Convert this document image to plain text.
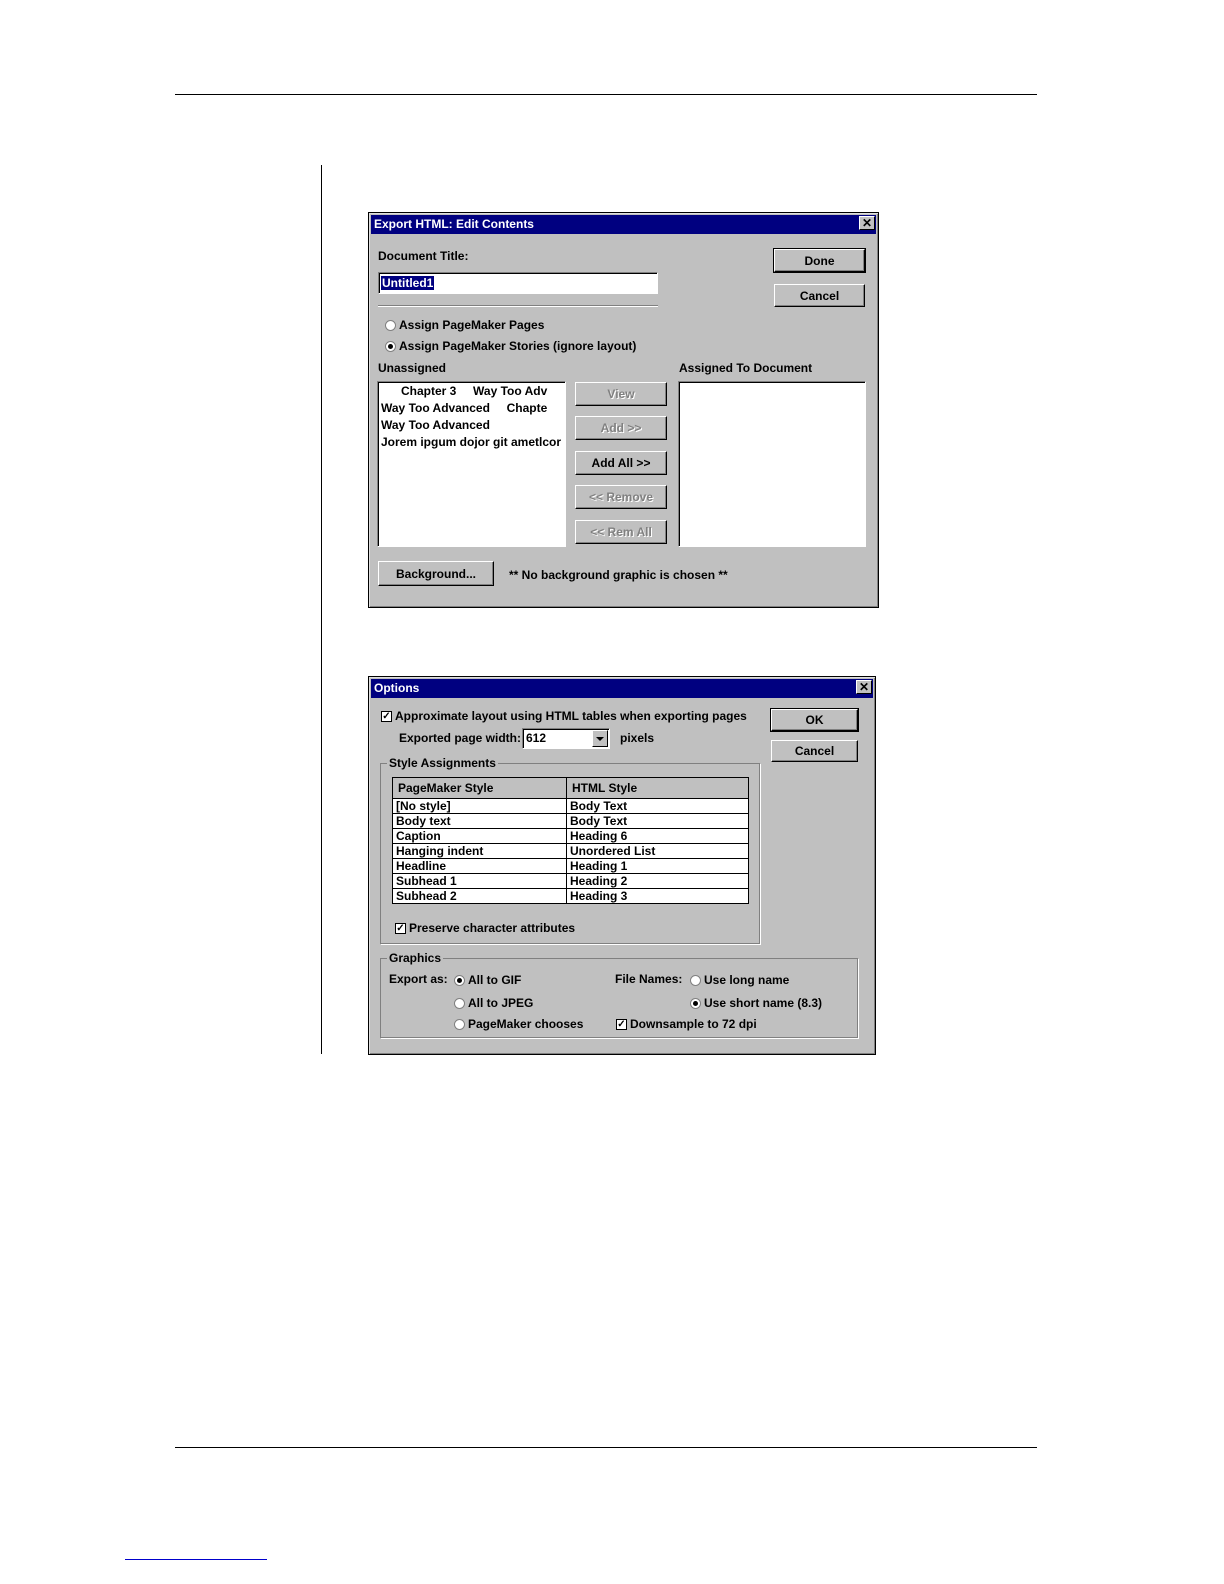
Export HTML: Edit Contents	✕
Document Title:
Untitled1
Done
Cancel
Assign PageMaker Pages
Assign PageMaker Stories (ignore layout)
Unassigned	Assigned To Document
Chapter 3     Way Too Adv
Way Too Advanced     Chapte
Way Too Advanced
Jorem ipgum dojor git ametlcor
View
Add >>
Add All >>
<< Remove
<< Rem All
Background...	** No background graphic is chosen **
Options	✕
✓ Approximate layout using HTML tables when exporting pages
Exported page width: 612	pixels
OK
Cancel
Style Assignments
PageMaker Style	HTML Style
[No style]	Body Text
Body text	Body Text
Caption	Heading 6
Hanging indent	Unordered List
Headline	Heading 1
Subhead 1	Heading 2
Subhead 2	Heading 3
✓ Preserve character attributes
Graphics
Export as: All to GIF
All to JPEG
PageMaker chooses
File Names: Use long name
Use short name (8.3)
✓ Downsample to 72 dpi
